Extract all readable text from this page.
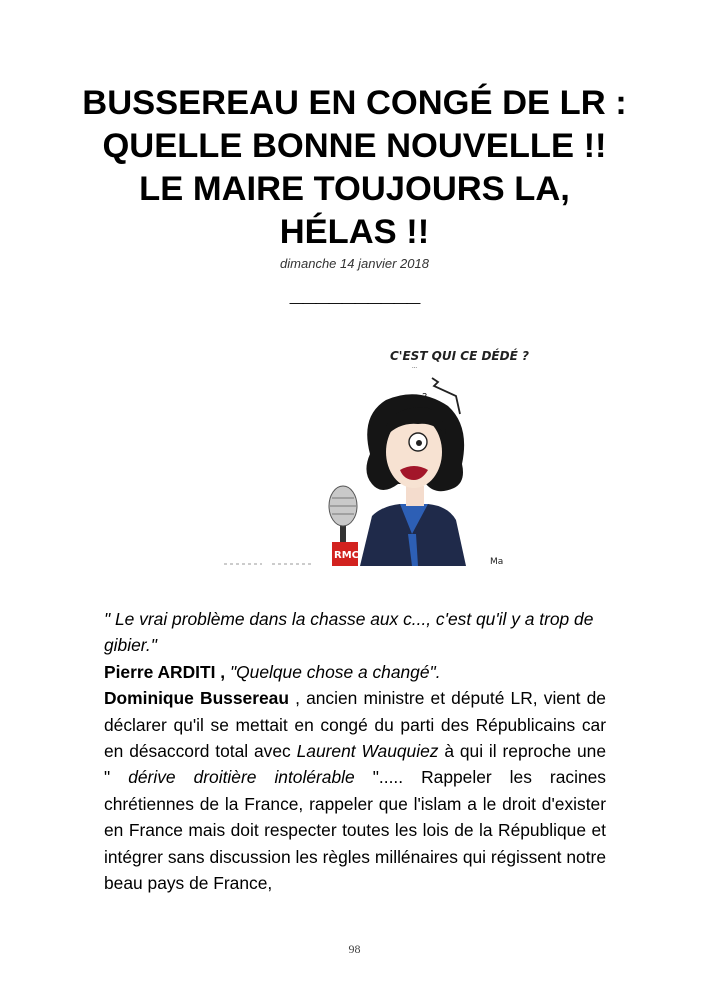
BUSSEREAU EN CONGÉ DE LR : QUELLE BONNE NOUVELLE !! LE MAIRE TOUJOURS LA, HÉLAS !!
dimanche 14 janvier 2018
——————————
C'EST QUI CE DÉDÉ ?
...
RMC
Ma

" Le vrai problème dans la chasse aux c..., c'est qu'il y a trop de gibier."

Pierre ARDITI , "Quelque chose a changé".

Dominique Bussereau , ancien ministre et député LR, vient de déclarer qu'il se mettait en congé du parti des Républicains car en désaccord total avec Laurent Wauquiez à qui il reproche une " dérive droitière intolérable "..... Rappeler les racines chrétiennes de la France, rappeler que l'islam a le droit d'exister en France mais doit respecter toutes les lois de la République et intégrer sans discussion les règles millénaires qui régissent notre beau pays de France,

98
